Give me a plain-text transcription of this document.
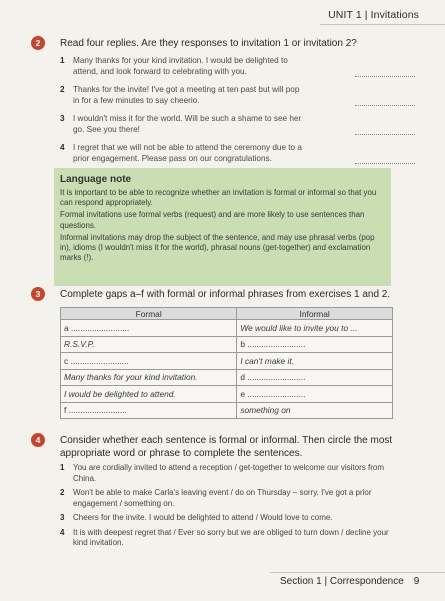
UNIT 1 | Invitations
2	Read four replies. Are they responses to invitation 1 or invitation 2?
1 Many thanks for your kind invitation. I would be delighted to attend, and look forward to celebrating with you.
2 Thanks for the invite! I've got a meeting at ten past but will pop in for a few minutes to say cheerio.
3 I wouldn't miss it for the world. Will be such a shame to see her go. See you there!
4 I regret that we will not be able to attend the ceremony due to a prior engagement. Please pass on our congratulations.
Language note

It is important to be able to recognize whether an invitation is formal or informal so that you can respond appropriately.

Formal invitations use formal verbs (request) and are more likely to use sentences than questions.

Informal invitations may drop the subject of the sentence, and may use phrasal verbs (pop in), idioms (I wouldn't miss it for the world), phrasal nouns (get-together) and exclamation marks (!).

3	Complete gaps a–f with formal or informal phrases from exercises 1 and 2.
Formal	Informal
a .........................	We would like to invite you to ...
R.S.V.P.	b .........................
c .........................	I can't make it.
Many thanks for your kind invitation.	d .........................
I would be delighted to attend.	e .........................
f .........................	something on
4	Consider whether each sentence is formal or informal. Then circle the most appropriate word or phrase to complete the sentences.
1 You are cordially invited to attend a reception / get-together to welcome our visitors from China.
2 Won't be able to make Carla's leaving event / do on Thursday – sorry. I've got a prior engagement / something on.
3 Cheers for the invite. I would be delighted to attend / Would love to come.
4 It is with deepest regret that / Ever so sorry but we are obliged to turn down / decline your kind invitation.
Section 1 | Correspondence 9
